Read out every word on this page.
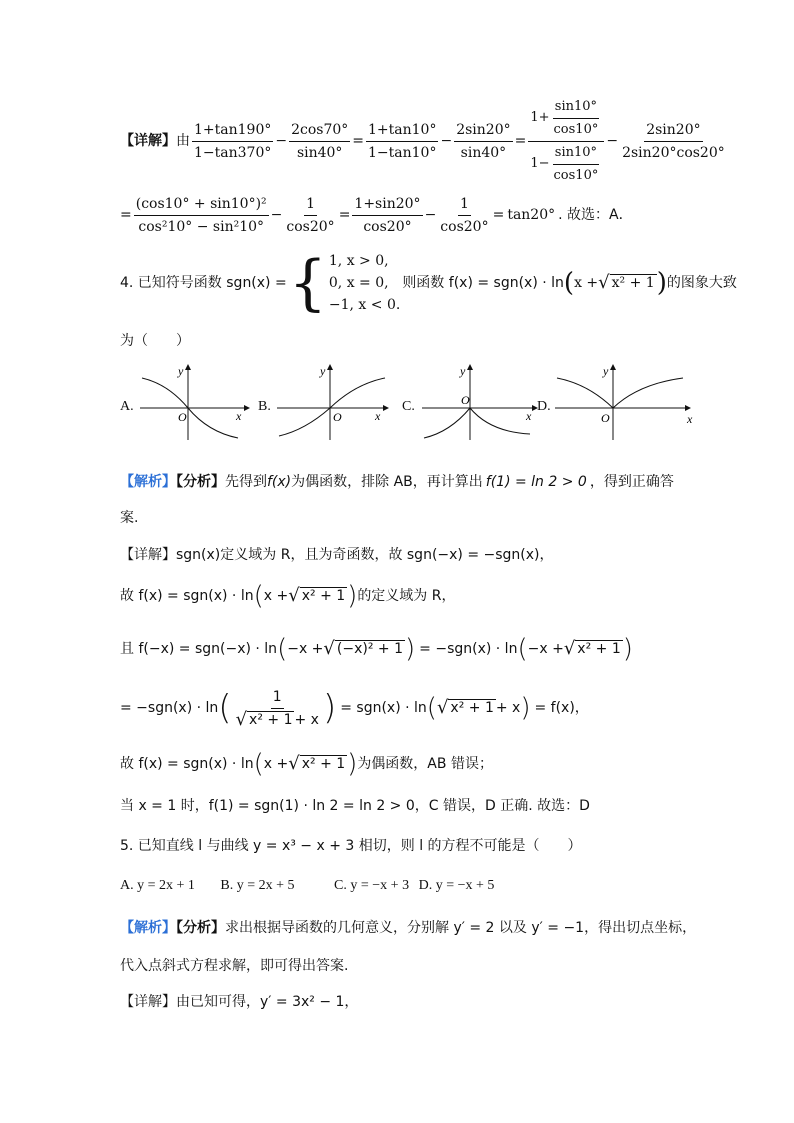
【详解】 由 $\frac{1+\tan 190^\circ}{1-\tan 370^\circ} - \frac{2\cos 70^\circ}{\sin 40^\circ} = \frac{1+\tan 10^\circ}{1-\tan 10^\circ} - \frac{2\sin 20^\circ}{\sin 40^\circ} = \frac{1+ \frac{\sin 10^\circ}{\cos 10^\circ}}{1- \frac{\sin 10^\circ}{\cos 10^\circ}} - \frac{2\sin 20^\circ}{2\sin 20^\circ\cos 20^\circ}$
= $\frac{\text{(cos10° + sin10°)²}}{\text{cos²10° − sin²10°}} - \frac{1}{\cos 20^\circ} = \frac{1+\sin 20^\circ}{\cos 20^\circ} - \frac{1}{\cos 20^\circ} = \tan 20^\circ$ . 故选：A．
4. 已知符号函数 sgn(x) = { 1, x > 0,
0, x = 0,
−1, x < 0.
则函数 f(x) = sgn(x) · ln ( x + √ x² + 1 ) 的图象大致
为（　　）
A.
y
x
O
B.
y
x
O
C.
y
x
O	D.
y
x
O
【解析】【分析】先得到f(x)为偶函数，排除 AB，再计算出 f(1) = ln 2 > 0 ，得到正确答
案.
【详解】sgn(x)定义域为 R，且为奇函数，故 sgn(−x) = −sgn(x)，
故 f(x) = sgn(x) · ln ( x + √ x² + 1 ) 的定义域为 R，
且 f(−x) = sgn(−x) · ln ( −x + √ (−x)² + 1 ) = −sgn(x) · ln ( −x + √ x² + 1 )
= −sgn(x) · ln ( $\frac{1}{\text{√ x² + 1 + x}}$ ) = sgn(x) · ln ( √ x² + 1 + x ) = f(x)，
故 f(x) = sgn(x) · ln ( x + √ x² + 1 ) 为偶函数，AB 错误；
当 x = 1 时，f(1) = sgn(1) · ln 2 = ln 2 > 0，C 错误，D 正确. 故选：D
5. 已知直线 l 与曲线 y = x³ − x + 3 相切，则 l 的方程不可能是（　　）
A. y = 2x + 1 B. y = 2x + 5	C. y = −x + 3 D. y = −x + 5
【解析】【分析】求出根据导函数的几何意义，分别解 y′ = 2 以及 y′ = −1，得出切点坐标，
代入点斜式方程求解，即可得出答案.
【详解】由已知可得，y′ = 3x² − 1，
